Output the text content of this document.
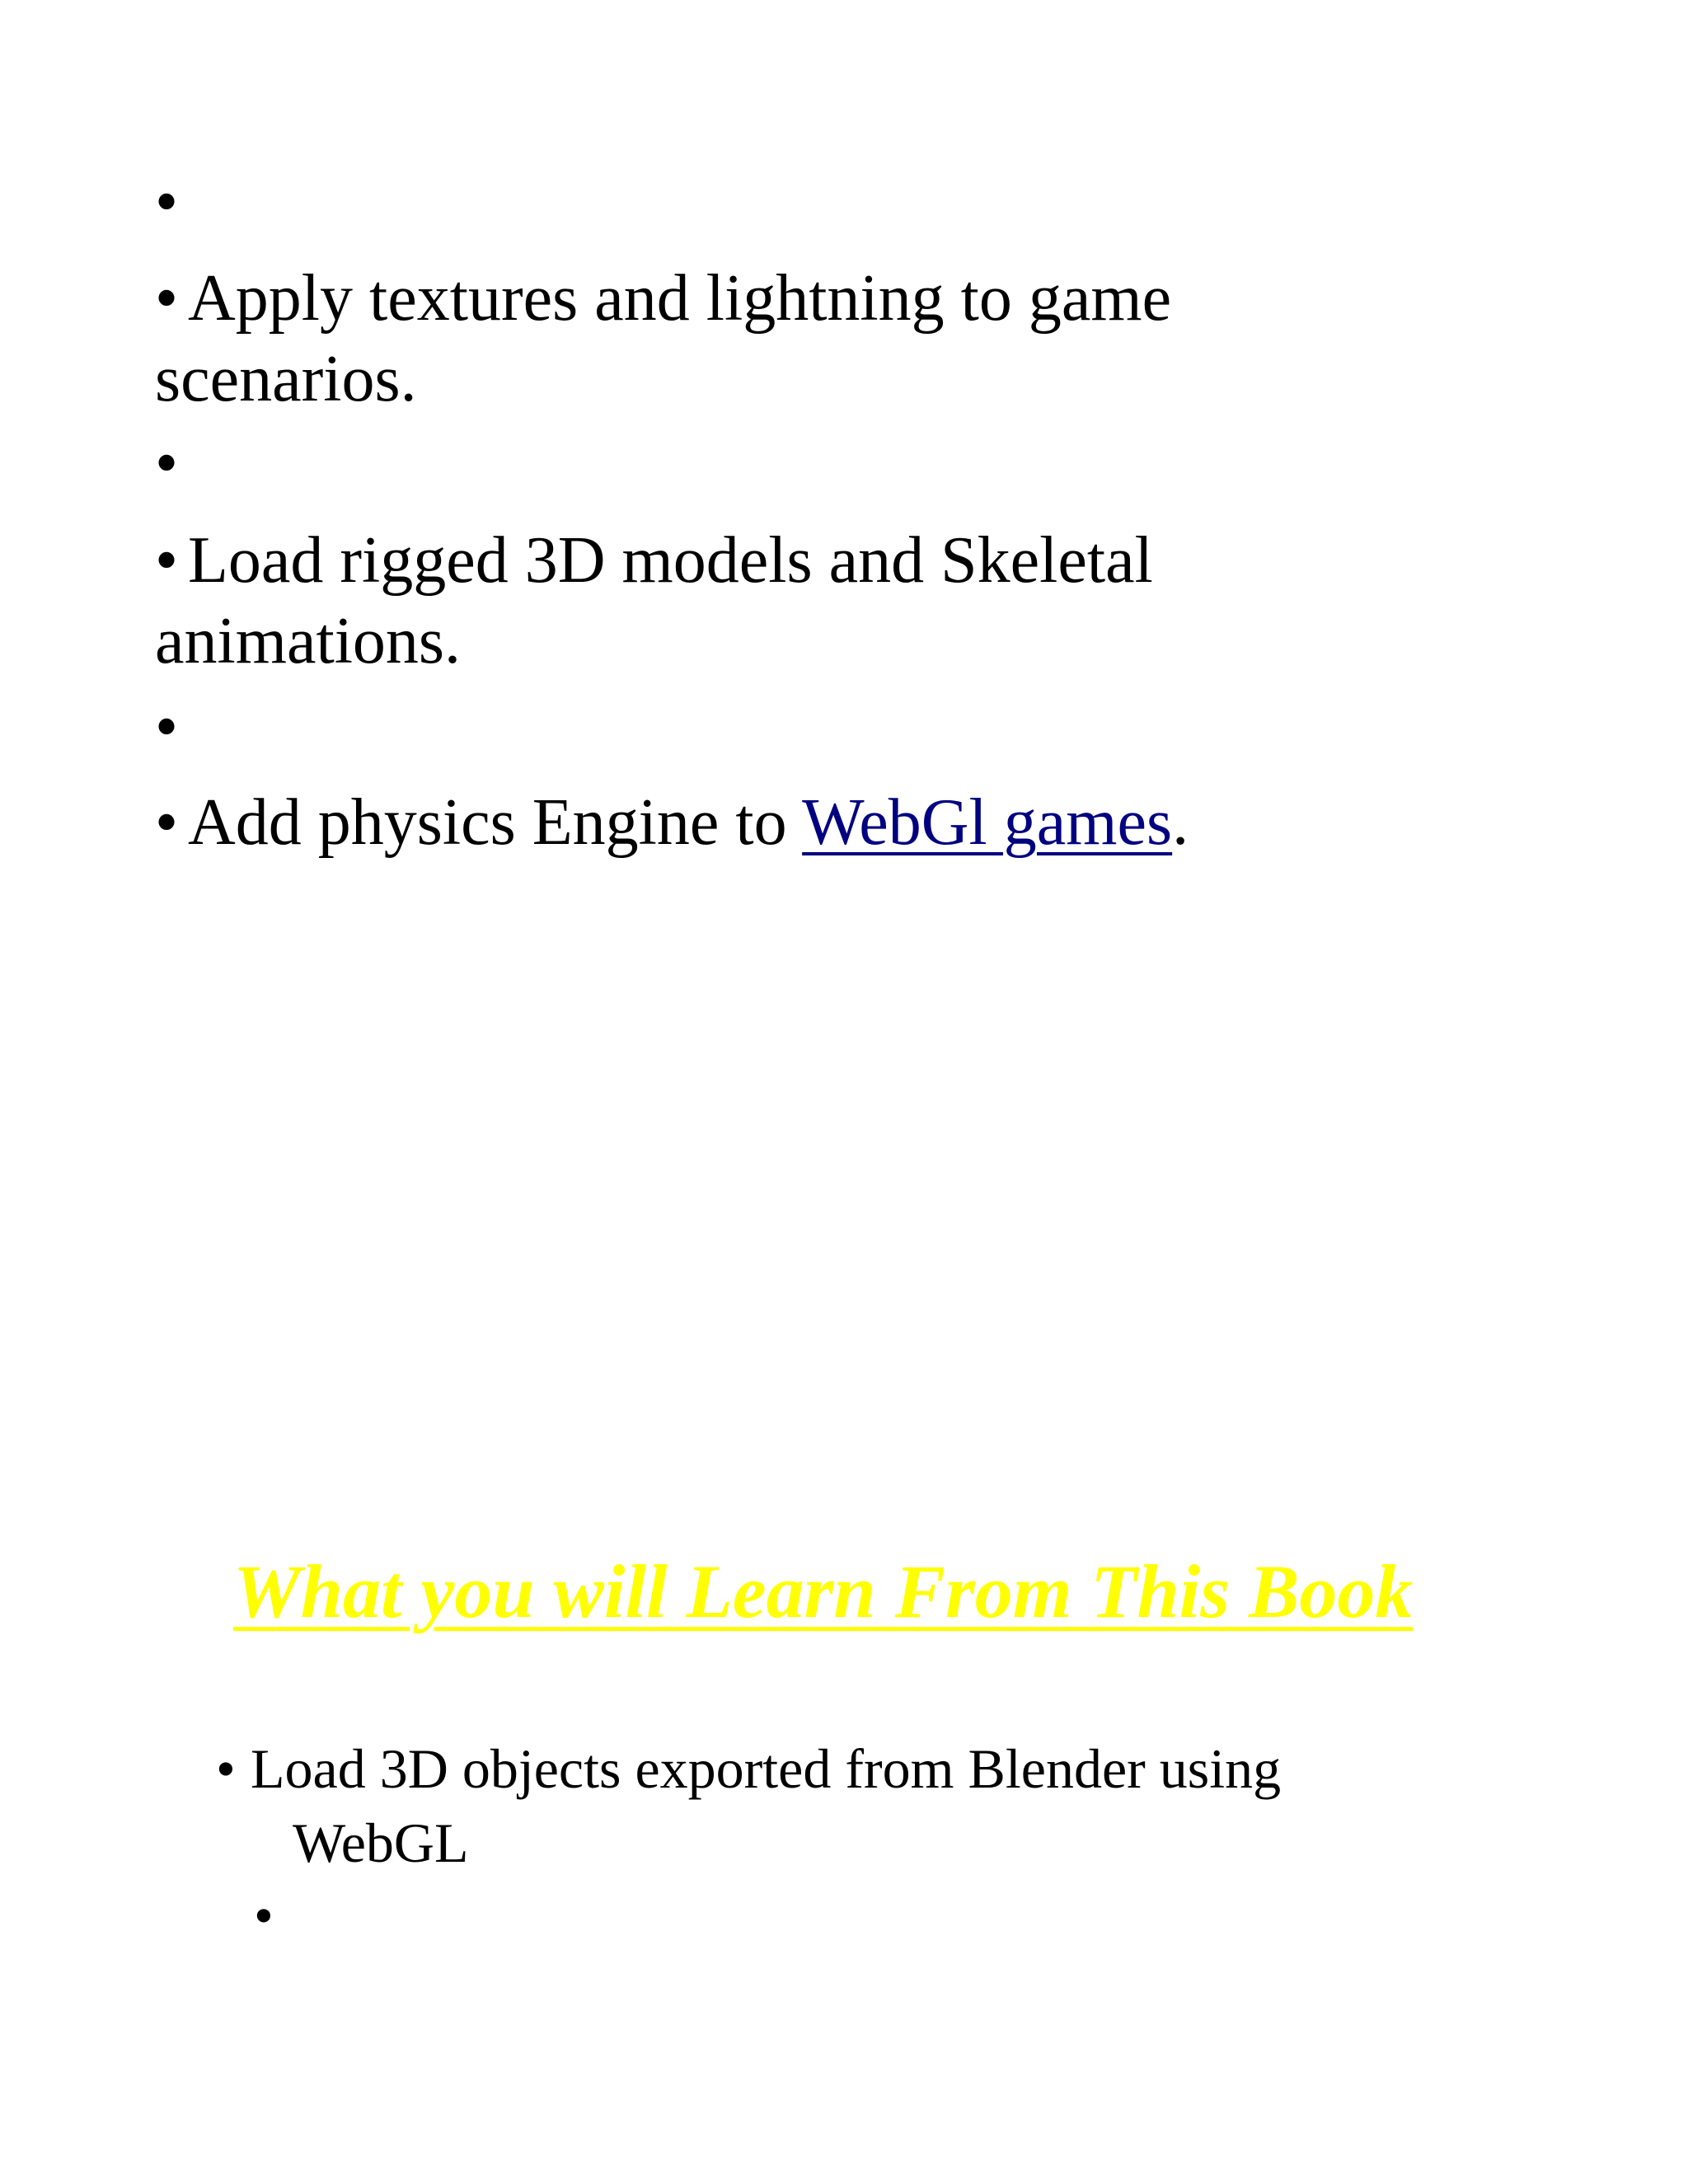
•
• Apply textures and lightning to game
scenarios.
•
• Load rigged 3D models and Skeletal
animations.
•
• Add physics Engine to WebGl games.
What you will Learn From This Book
• Load 3D objects exported from Blender using
WebGL
•
